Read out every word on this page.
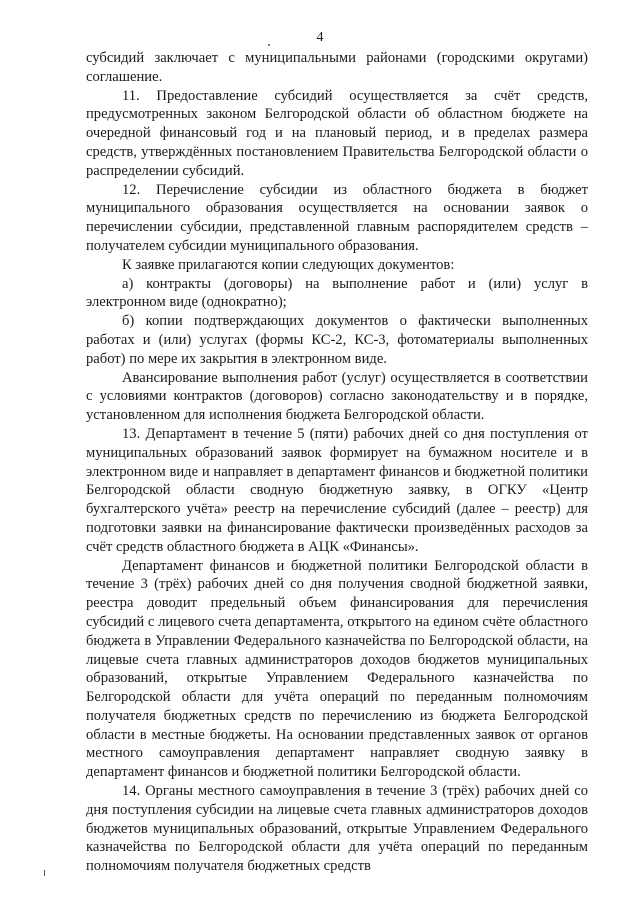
4

субсидий заключает с муниципальными районами (городскими округами) соглашение.

11. Предоставление субсидий осуществляется за счёт средств, предусмотренных законом Белгородской области об областном бюджете на очередной финансовый год и на плановый период, и в пределах размера средств, утверждённых постановлением Правительства Белгородской области о распределении субсидий.

12. Перечисление субсидии из областного бюджета в бюджет муниципального образования осуществляется на основании заявок о перечислении субсидии, представленной главным распорядителем средств – получателем субсидии муниципального образования.

К заявке прилагаются копии следующих документов:

а) контракты (договоры) на выполнение работ и (или) услуг в электронном виде (однократно);

б) копии подтверждающих документов о фактически выполненных работах и (или) услугах (формы КС-2, КС-3, фотоматериалы выполненных работ) по мере их закрытия в электронном виде.

Авансирование выполнения работ (услуг) осуществляется в соответствии с условиями контрактов (договоров) согласно законодательству и в порядке, установленном для исполнения бюджета Белгородской области.

13. Департамент в течение 5 (пяти) рабочих дней со дня поступления от муниципальных образований заявок формирует на бумажном носителе и в электронном виде и направляет в департамент финансов и бюджетной политики Белгородской области сводную бюджетную заявку, в ОГКУ «Центр бухгалтерского учёта» реестр на перечисление субсидий (далее – реестр) для подготовки заявки на финансирование фактически произведённых расходов за счёт средств областного бюджета в АЦК «Финансы».

Департамент финансов и бюджетной политики Белгородской области в течение 3 (трёх) рабочих дней со дня получения сводной бюджетной заявки, реестра доводит предельный объем финансирования для перечисления субсидий с лицевого счета департамента, открытого на едином счёте областного бюджета в Управлении Федерального казначейства по Белгородской области, на лицевые счета главных администраторов доходов бюджетов муниципальных образований, открытые Управлением Федерального казначейства по Белгородской области для учёта операций по переданным полномочиям получателя бюджетных средств по перечислению из бюджета Белгородской области в местные бюджеты. На основании представленных заявок от органов местного самоуправления департамент направляет сводную заявку в департамент финансов и бюджетной политики Белгородской области.

14. Органы местного самоуправления в течение 3 (трёх) рабочих дней со дня поступления субсидии на лицевые счета главных администраторов доходов бюджетов муниципальных образований, открытые Управлением Федерального казначейства по Белгородской области для учёта операций по переданным полномочиям получателя бюджетных средств
